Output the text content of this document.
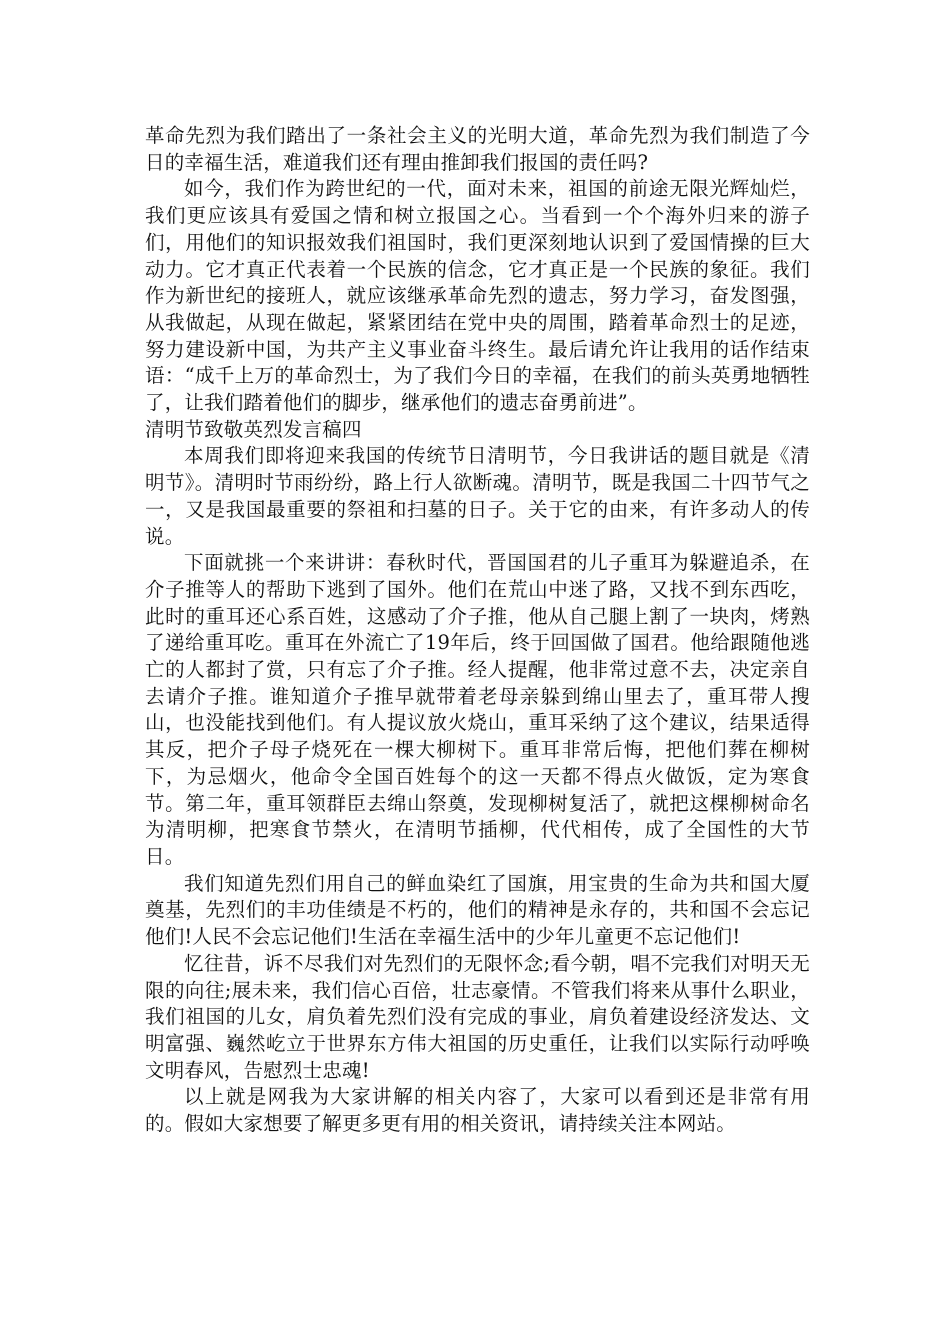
革命先烈为我们踏出了一条社会主义的光明大道，革命先烈为我们制造了今日的幸福生活，难道我们还有理由推卸我们报国的责任吗?

如今，我们作为跨世纪的一代，面对未来，祖国的前途无限光辉灿烂，我们更应该具有爱国之情和树立报国之心。当看到一个个海外归来的游子们，用他们的知识报效我们祖国时，我们更深刻地认识到了爱国情操的巨大动力。它才真正代表着一个民族的信念，它才真正是一个民族的象征。我们作为新世纪的接班人，就应该继承革命先烈的遗志，努力学习，奋发图强，从我做起，从现在做起，紧紧团结在党中央的周围，踏着革命烈士的足迹，努力建设新中国，为共产主义事业奋斗终生。最后请允许让我用的话作结束语：“成千上万的革命烈士，为了我们今日的幸福，在我们的前头英勇地牺牲了，让我们踏着他们的脚步，继承他们的遗志奋勇前进”。

清明节致敬英烈发言稿四

本周我们即将迎来我国的传统节日清明节，今日我讲话的题目就是《清明节》。清明时节雨纷纷，路上行人欲断魂。清明节，既是我国二十四节气之一，又是我国最重要的祭祖和扫墓的日子。关于它的由来，有许多动人的传说。

下面就挑一个来讲讲：春秋时代，晋国国君的儿子重耳为躲避追杀，在介子推等人的帮助下逃到了国外。他们在荒山中迷了路，又找不到东西吃，此时的重耳还心系百姓，这感动了介子推，他从自己腿上割了一块肉，烤熟了递给重耳吃。重耳在外流亡了19年后，终于回国做了国君。他给跟随他逃亡的人都封了赏，只有忘了介子推。经人提醒，他非常过意不去，决定亲自去请介子推。谁知道介子推早就带着老母亲躲到绵山里去了，重耳带人搜山，也没能找到他们。有人提议放火烧山，重耳采纳了这个建议，结果适得其反，把介子母子烧死在一棵大柳树下。重耳非常后悔，把他们葬在柳树下，为忌烟火，他命令全国百姓每个的这一天都不得点火做饭，定为寒食节。第二年，重耳领群臣去绵山祭奠，发现柳树复活了，就把这棵柳树命名为清明柳，把寒食节禁火，在清明节插柳，代代相传，成了全国性的大节日。

我们知道先烈们用自己的鲜血染红了国旗，用宝贵的生命为共和国大厦奠基，先烈们的丰功佳绩是不朽的，他们的精神是永存的，共和国不会忘记他们!人民不会忘记他们!生活在幸福生活中的少年儿童更不忘记他们!

忆往昔，诉不尽我们对先烈们的无限怀念;看今朝，唱不完我们对明天无限的向往;展未来，我们信心百倍，壮志豪情。不管我们将来从事什么职业，我们祖国的儿女，肩负着先烈们没有完成的事业，肩负着建设经济发达、文明富强、巍然屹立于世界东方伟大祖国的历史重任，让我们以实际行动呼唤文明春风，告慰烈士忠魂!

以上就是网我为大家讲解的相关内容了，大家可以看到还是非常有用的。假如大家想要了解更多更有用的相关资讯，请持续关注本网站。
